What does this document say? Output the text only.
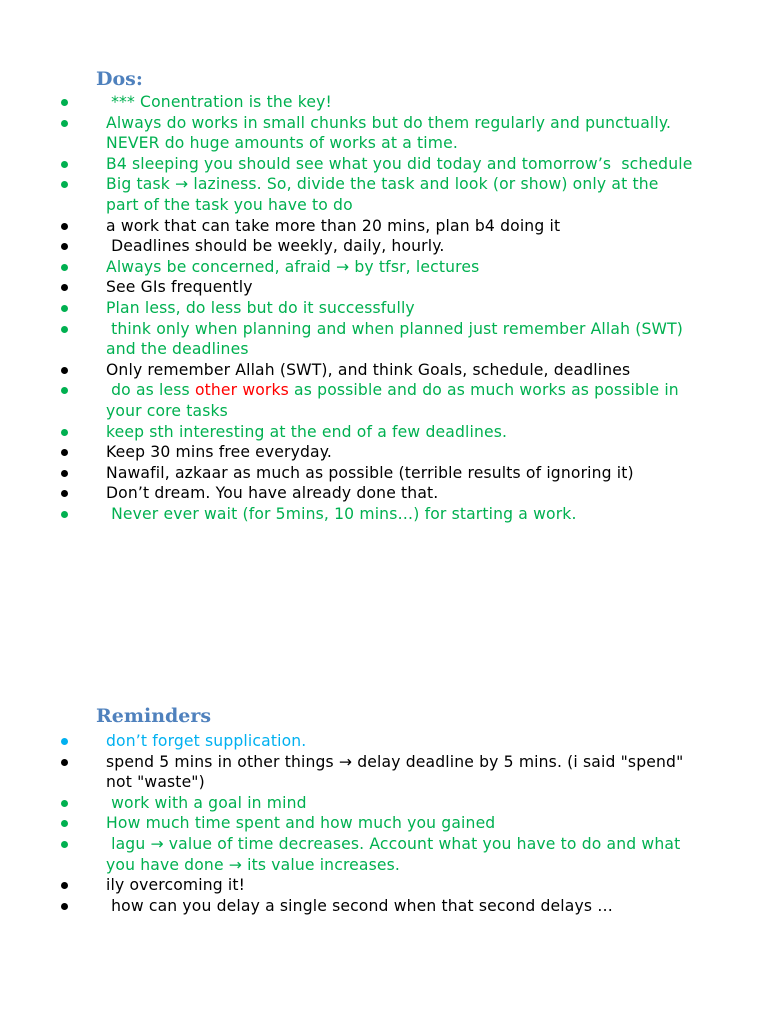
Dos:
*** Conentration is the key!
Always do works in small chunks but do them regularly and punctually. NEVER do huge amounts of works at a time.
B4 sleeping you should see what you did today and tomorrow’s  schedule
Big task → laziness. So, divide the task and look (or show) only at the part of the task you have to do
a work that can take more than 20 mins, plan b4 doing it
Deadlines should be weekly, daily, hourly.
Always be concerned, afraid → by tfsr, lectures
See GIs frequently
Plan less, do less but do it successfully
think only when planning and when planned just remember Allah (SWT) and the deadlines
Only remember Allah (SWT), and think Goals, schedule, deadlines
do as less other works as possible and do as much works as possible in your core tasks
keep sth interesting at the end of a few deadlines.
Keep 30 mins free everyday.
Nawafil, azkaar as much as possible (terrible results of ignoring it)
Don’t dream. You have already done that.
Never ever wait (for 5mins, 10 mins…) for starting a work.
Reminders
don’t forget supplication.
spend 5 mins in other things → delay deadline by 5 mins. (i said "spend" not "waste")
work with a goal in mind
How much time spent and how much you gained
lagu → value of time decreases. Account what you have to do and what you have done → its value increases.
ily overcoming it!
how can you delay a single second when that second delays …
